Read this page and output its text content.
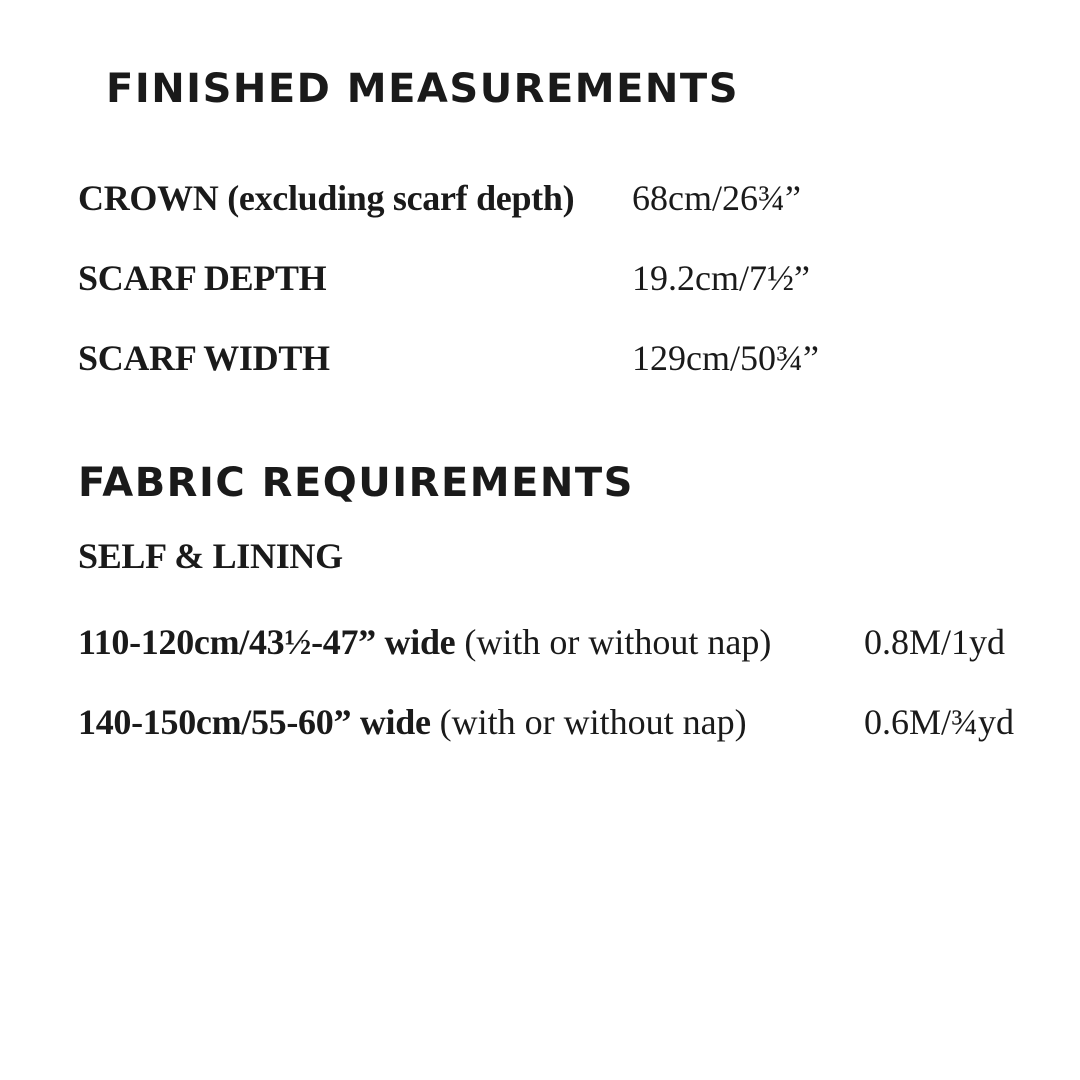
FINISHED MEASUREMENTS
CROWN (excluding scarf depth) 68cm/26¾”
SCARF DEPTH	19.2cm/7½”
SCARF WIDTH	129cm/50¾”
FABRIC REQUIREMENTS
SELF & LINING
110-120cm/43½-47” wide (with or without nap)	0.8M/1yd
140-150cm/55-60” wide (with or without nap)	0.6M/¾yd
